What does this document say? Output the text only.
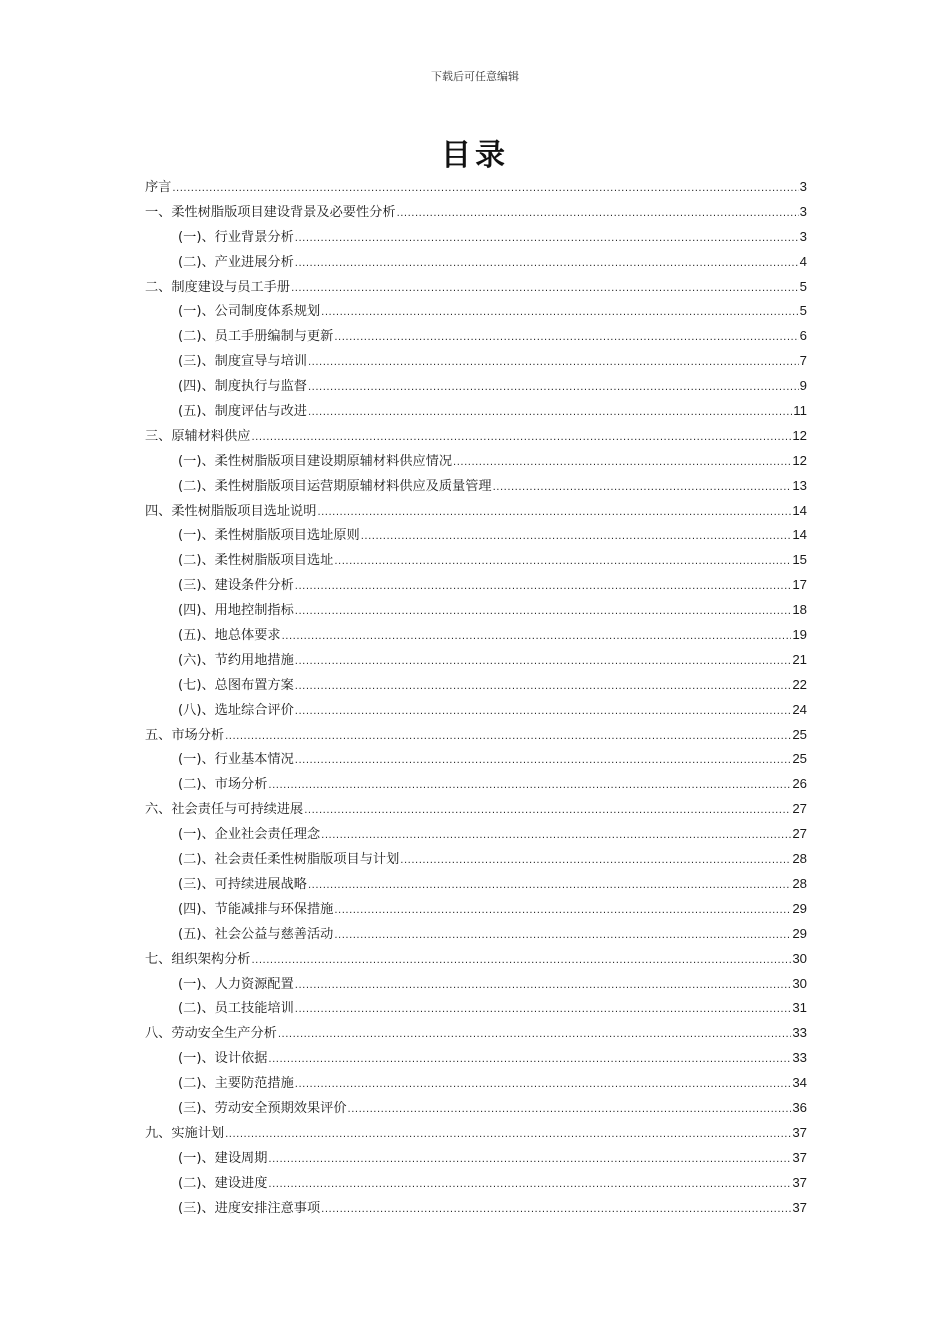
下载后可任意编辑
目录
序言 .....	3
一、柔性树脂版项目建设背景及必要性分析 .....	3
(一)、行业背景分析 .....	3
(二)、产业进展分析 .....	4
二、制度建设与员工手册 .....	5
(一)、公司制度体系规划 .....	5
(二)、员工手册编制与更新 .....	6
(三)、制度宣导与培训 .....	7
(四)、制度执行与监督 .....	9
(五)、制度评估与改进 .....	11
三、原辅材料供应 .....	12
(一)、柔性树脂版项目建设期原辅材料供应情况 .....	12
(二)、柔性树脂版项目运营期原辅材料供应及质量管理 .....	13
四、柔性树脂版项目选址说明 .....	14
(一)、柔性树脂版项目选址原则 .....	14
(二)、柔性树脂版项目选址 .....	15
(三)、建设条件分析 .....	17
(四)、用地控制指标 .....	18
(五)、地总体要求 .....	19
(六)、节约用地措施 .....	21
(七)、总图布置方案 .....	22
(八)、选址综合评价 .....	24
五、市场分析 .....	25
(一)、行业基本情况 .....	25
(二)、市场分析 .....	26
六、社会责任与可持续进展 .....	27
(一)、企业社会责任理念 .....	27
(二)、社会责任柔性树脂版项目与计划 .....	28
(三)、可持续进展战略 .....	28
(四)、节能减排与环保措施 .....	29
(五)、社会公益与慈善活动 .....	29
七、组织架构分析 .....	30
(一)、人力资源配置 .....	30
(二)、员工技能培训 .....	31
八、劳动安全生产分析 .....	33
(一)、设计依据 .....	33
(二)、主要防范措施 .....	34
(三)、劳动安全预期效果评价 .....	36
九、实施计划 .....	37
(一)、建设周期 .....	37
(二)、建设进度 .....	37
(三)、进度安排注意事项 .....	37
